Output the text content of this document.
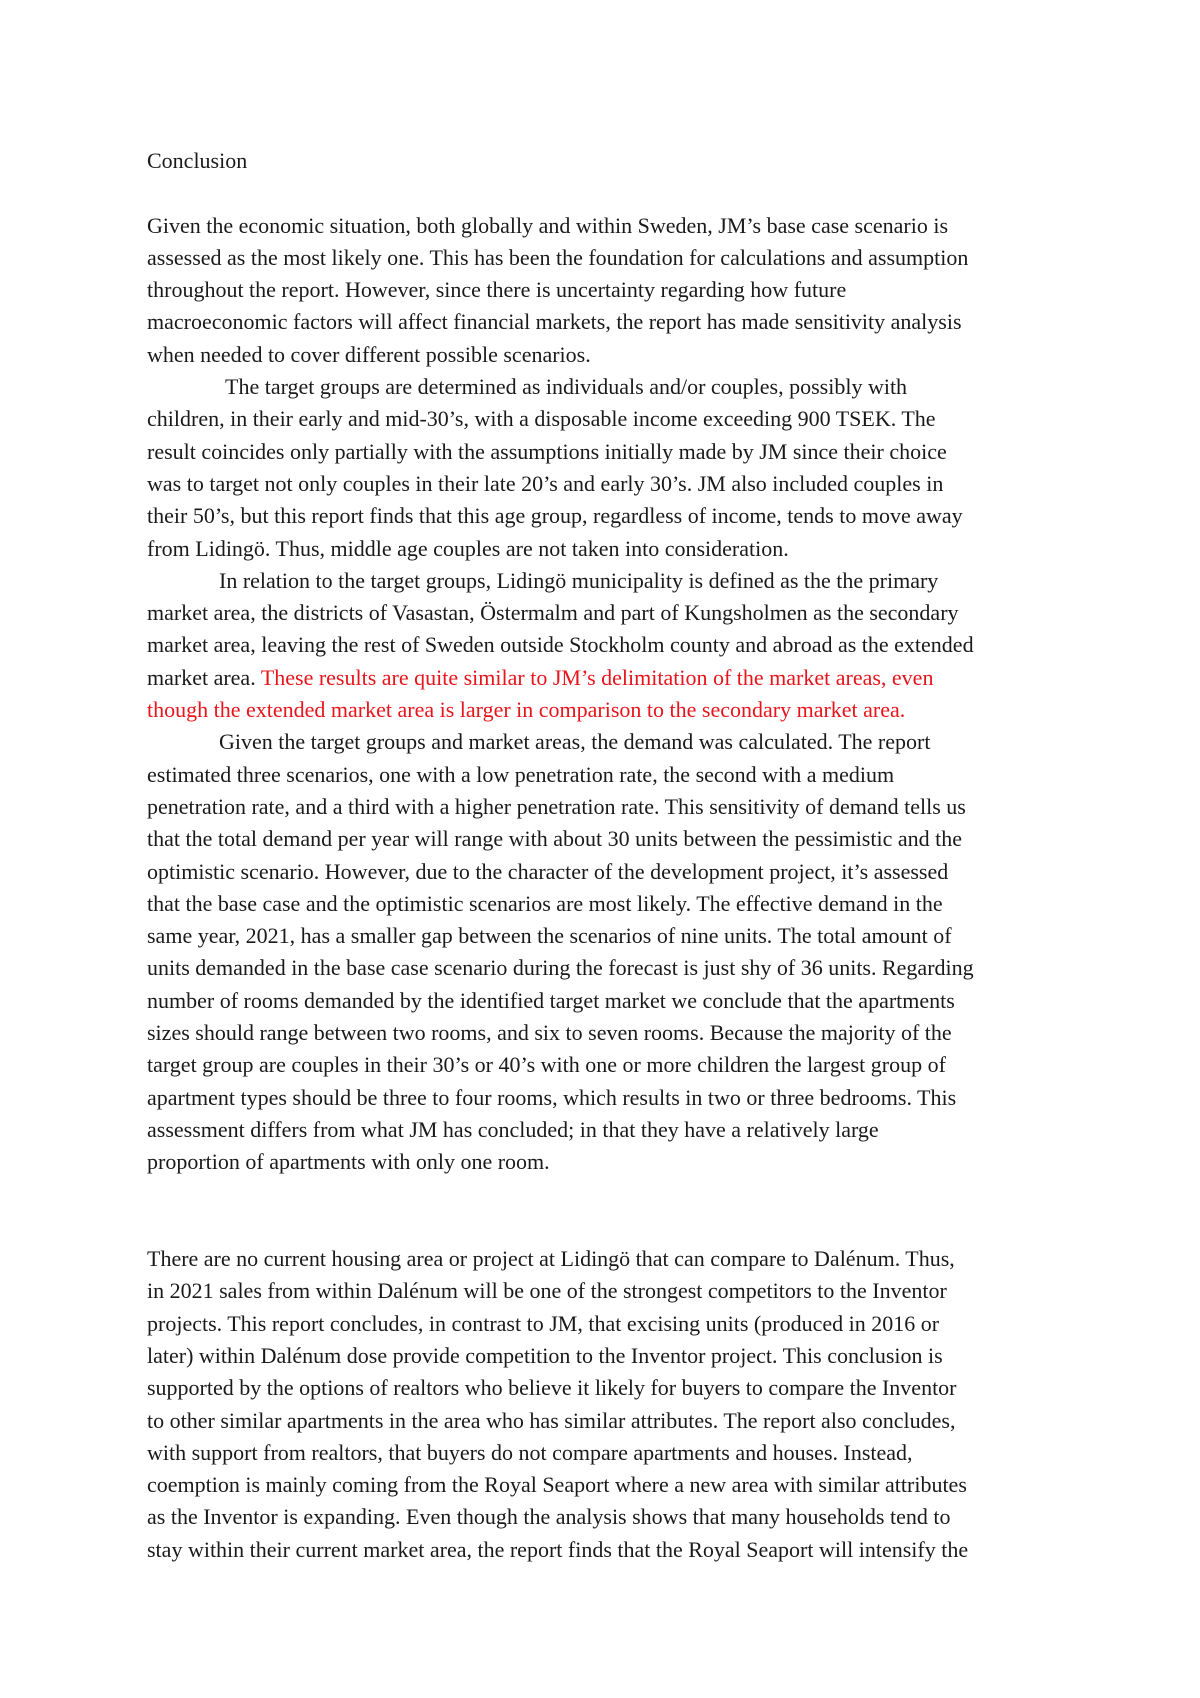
Conclusion

Given the economic situation, both globally and within Sweden, JM’s base case scenario is
assessed as the most likely one. This has been the foundation for calculations and assumption
throughout the report. However, since there is uncertainty regarding how future
macroeconomic factors will affect financial markets, the report has made sensitivity analysis
when needed to cover different possible scenarios.

The target groups are determined as individuals and/or couples, possibly with
children, in their early and mid-30’s, with a disposable income exceeding 900 TSEK. The
result coincides only partially with the assumptions initially made by JM since their choice
was to target not only couples in their late 20’s and early 30’s. JM also included couples in
their 50’s, but this report finds that this age group, regardless of income, tends to move away
from Lidingö. Thus, middle age couples are not taken into consideration.

In relation to the target groups, Lidingö municipality is defined as the the primary
market area, the districts of Vasastan, Östermalm and part of Kungsholmen as the secondary
market area, leaving the rest of Sweden outside Stockholm county and abroad as the extended
market area. These results are quite similar to JM’s delimitation of the market areas, even
though the extended market area is larger in comparison to the secondary market area.

Given the target groups and market areas, the demand was calculated. The report
estimated three scenarios, one with a low penetration rate, the second with a medium
penetration rate, and a third with a higher penetration rate. This sensitivity of demand tells us
that the total demand per year will range with about 30 units between the pessimistic and the
optimistic scenario. However, due to the character of the development project, it’s assessed
that the base case and the optimistic scenarios are most likely. The effective demand in the
same year, 2021, has a smaller gap between the scenarios of nine units. The total amount of
units demanded in the base case scenario during the forecast is just shy of 36 units. Regarding
number of rooms demanded by the identified target market we conclude that the apartments
sizes should range between two rooms, and six to seven rooms. Because the majority of the
target group are couples in their 30’s or 40’s with one or more children the largest group of
apartment types should be three to four rooms, which results in two or three bedrooms. This
assessment differs from what JM has concluded; in that they have a relatively large
proportion of apartments with only one room.

There are no current housing area or project at Lidingö that can compare to Dalénum. Thus,
in 2021 sales from within Dalénum will be one of the strongest competitors to the Inventor
projects. This report concludes, in contrast to JM, that excising units (produced in 2016 or
later) within Dalénum dose provide competition to the Inventor project. This conclusion is
supported by the options of realtors who believe it likely for buyers to compare the Inventor
to other similar apartments in the area who has similar attributes. The report also concludes,
with support from realtors, that buyers do not compare apartments and houses. Instead,
coemption is mainly coming from the Royal Seaport where a new area with similar attributes
as the Inventor is expanding. Even though the analysis shows that many households tend to
stay within their current market area, the report finds that the Royal Seaport will intensify the
